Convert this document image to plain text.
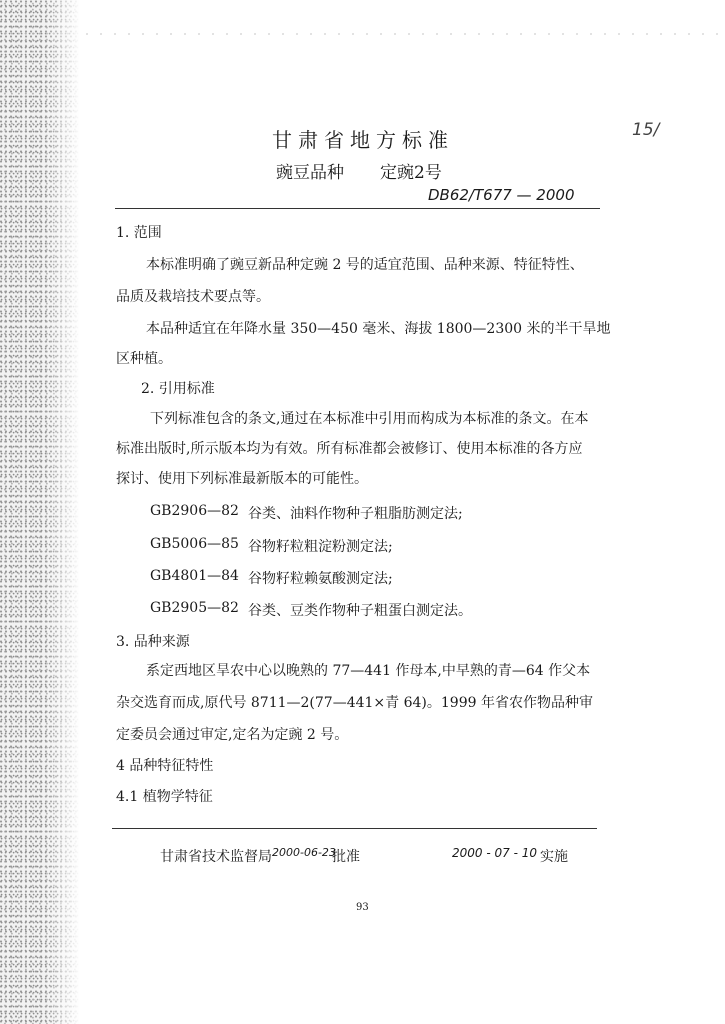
15/
甘肃省地方标准
豌豆品种 定豌2号
DB62/T677 — 2000
1. 范围
本标准明确了豌豆新品种定豌 2 号的适宜范围、品种来源、特征特性、
品质及栽培技术要点等。
本品种适宜在年降水量 350—450 毫米、海拔 1800—2300 米的半干旱地
区种植。
2. 引用标准
下列标准包含的条文,通过在本标准中引用而构成为本标准的条文。在本
标准出版时,所示版本均为有效。所有标准都会被修订、使用本标准的各方应
探讨、使用下列标准最新版本的可能性。
GB2906—82 谷类、油料作物种子粗脂肪测定法;
GB5006—85 谷物籽粒粗淀粉测定法;
GB4801—84 谷物籽粒赖氨酸测定法;
GB2905—82 谷类、豆类作物种子粗蛋白测定法。
3. 品种来源
系定西地区旱农中心以晚熟的 77—441 作母本,中早熟的青—64 作父本
杂交选育而成,原代号 8711—2(77—441×青 64)。1999 年省农作物品种审
定委员会通过审定,定名为定豌 2 号。
4 品种特征特性
4.1 植物学特征
甘肃省技术监督局 2000-06-23
批准	2000 - 07 - 10 实施
93
